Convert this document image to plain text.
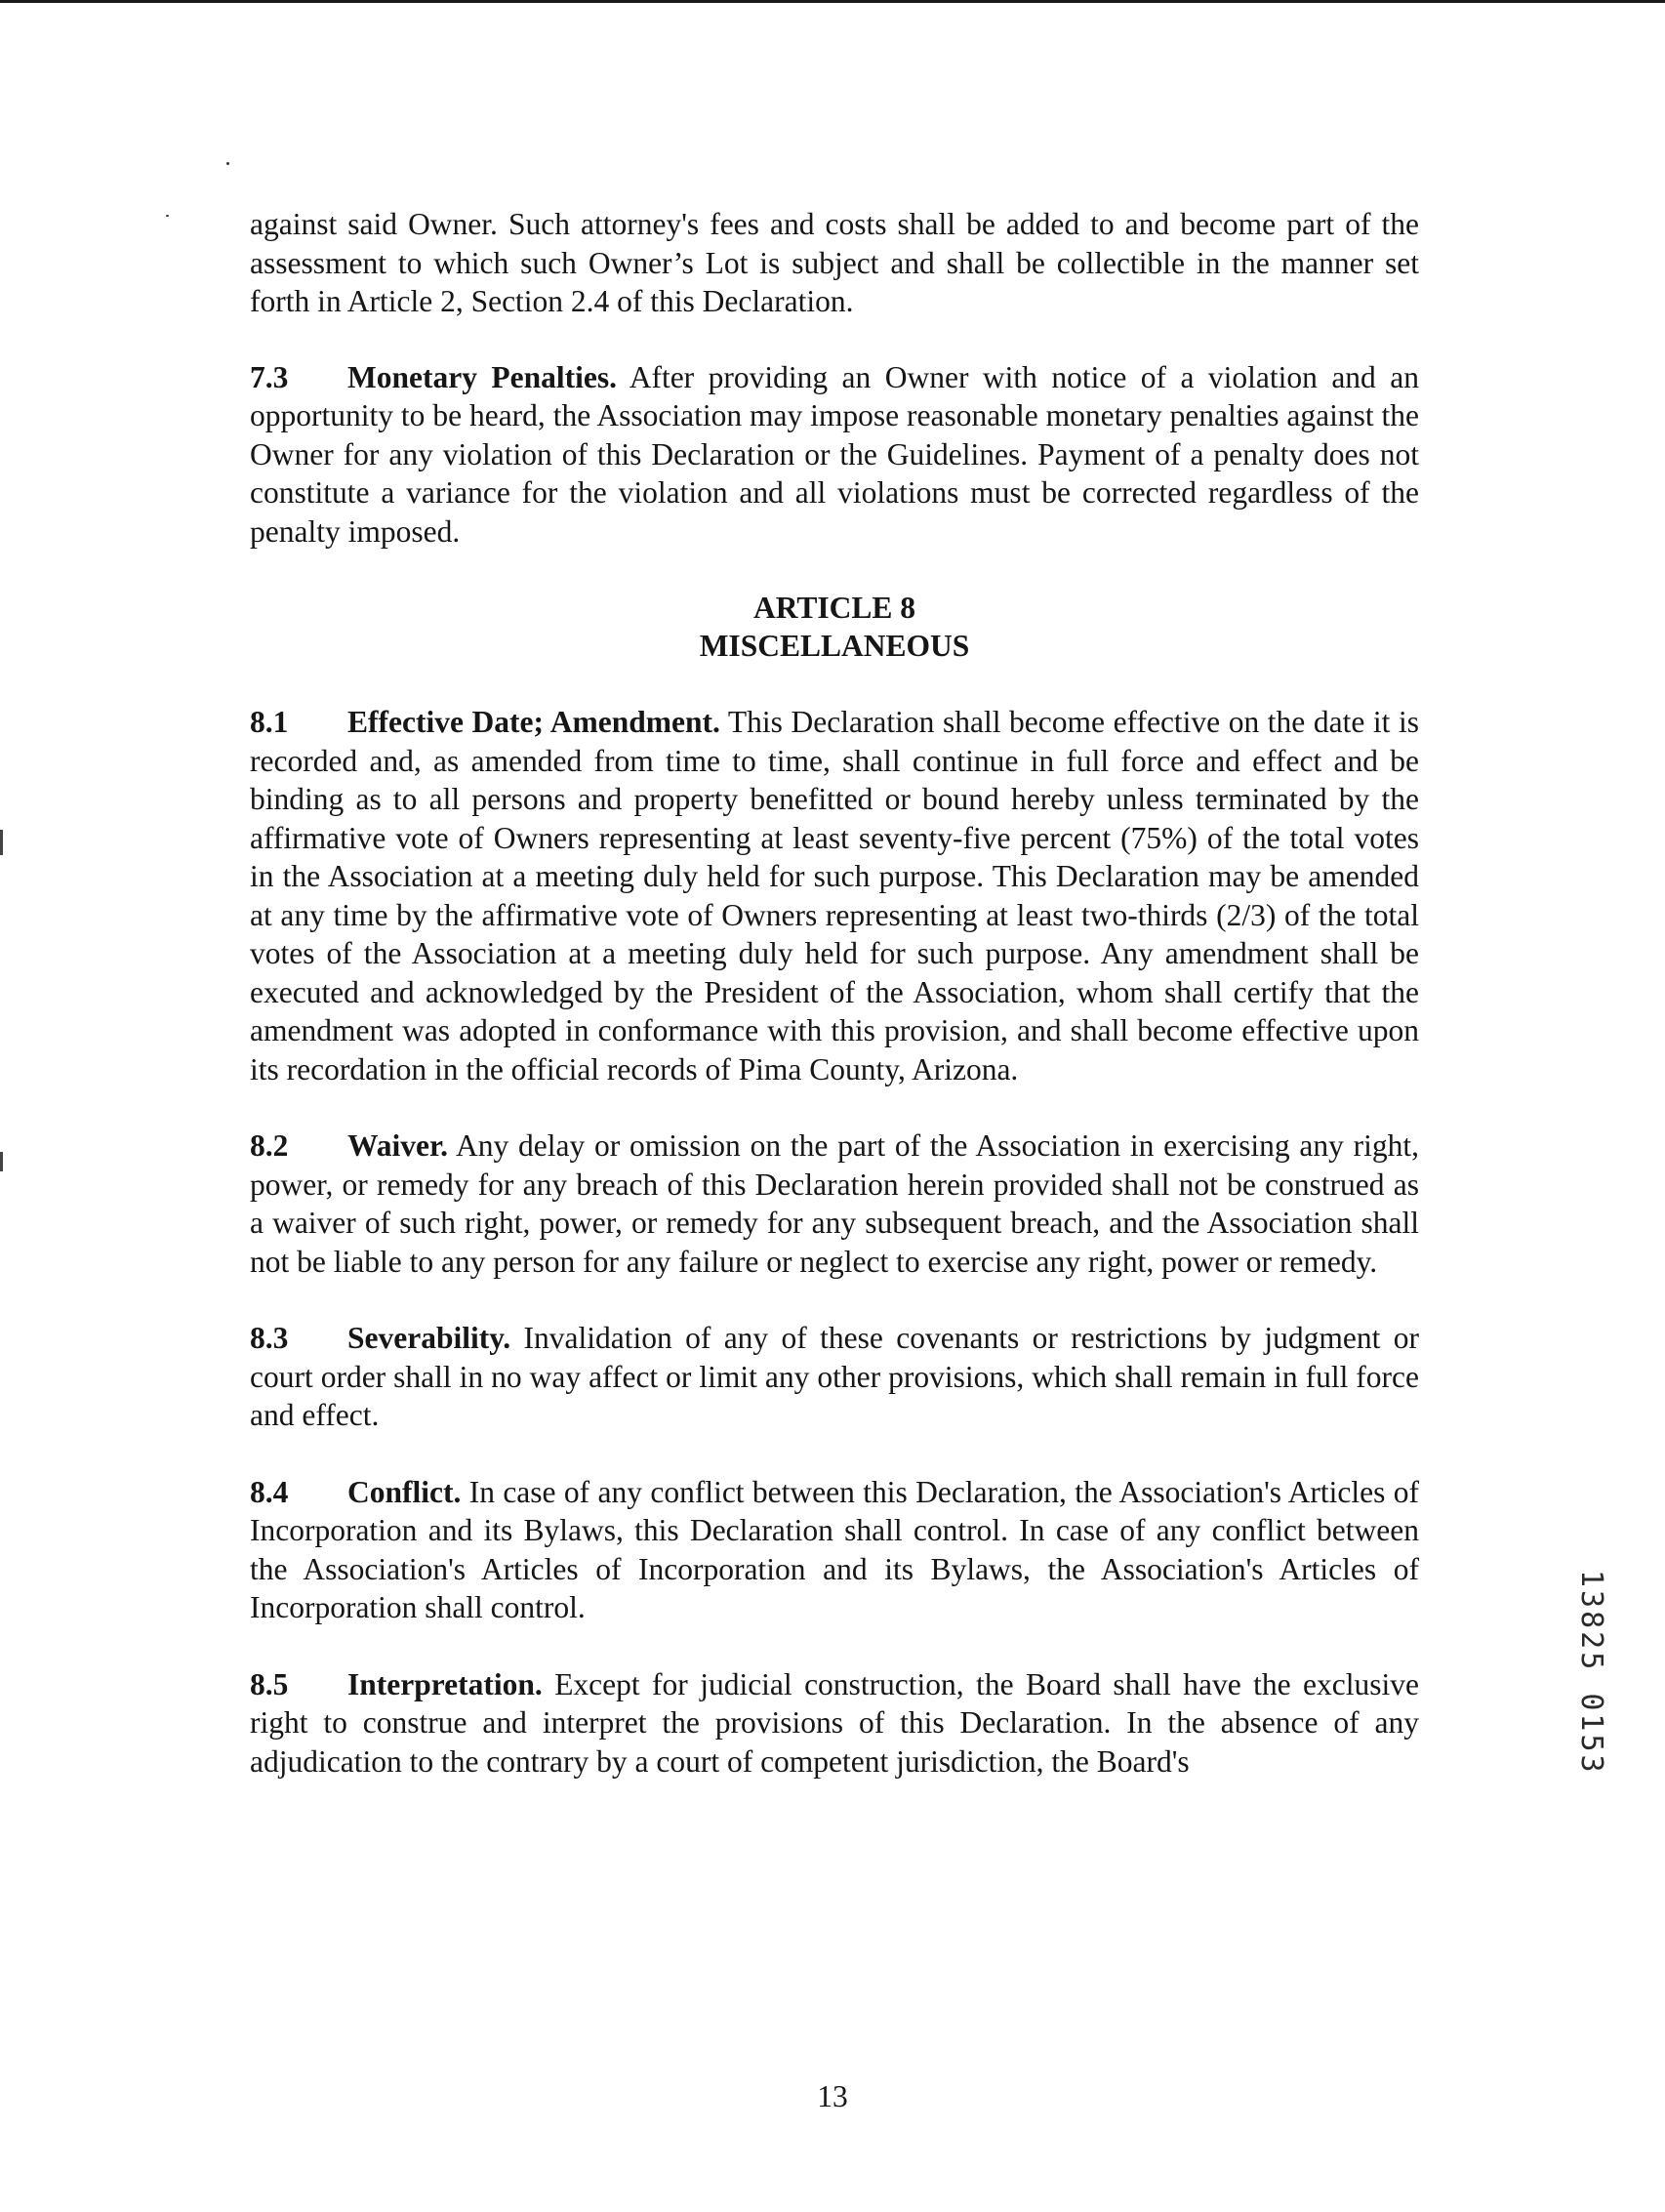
against said Owner. Such attorney's fees and costs shall be added to and become part of the assessment to which such Owner’s Lot is subject and shall be collectible in the manner set forth in Article 2, Section 2.4 of this Declaration.

7.3 Monetary Penalties. After providing an Owner with notice of a violation and an opportunity to be heard, the Association may impose reasonable monetary penalties against the Owner for any violation of this Declaration or the Guidelines. Payment of a penalty does not constitute a variance for the violation and all violations must be corrected regardless of the penalty imposed.

ARTICLE 8
MISCELLANEOUS

8.1 Effective Date; Amendment. This Declaration shall become effective on the date it is recorded and, as amended from time to time, shall continue in full force and effect and be binding as to all persons and property benefitted or bound hereby unless terminated by the affirmative vote of Owners representing at least seventy-five percent (75%) of the total votes in the Association at a meeting duly held for such purpose. This Declaration may be amended at any time by the affirmative vote of Owners representing at least two-thirds (2/3) of the total votes of the Association at a meeting duly held for such purpose. Any amendment shall be executed and acknowledged by the President of the Association, whom shall certify that the amendment was adopted in conformance with this provision, and shall become effective upon its recordation in the official records of Pima County, Arizona.

8.2 Waiver. Any delay or omission on the part of the Association in exercising any right, power, or remedy for any breach of this Declaration herein provided shall not be construed as a waiver of such right, power, or remedy for any subsequent breach, and the Association shall not be liable to any person for any failure or neglect to exercise any right, power or remedy.

8.3 Severability. Invalidation of any of these covenants or restrictions by judgment or court order shall in no way affect or limit any other provisions, which shall remain in full force and effect.

8.4 Conflict. In case of any conflict between this Declaration, the Association's Articles of Incorporation and its Bylaws, this Declaration shall control. In case of any conflict between the Association's Articles of Incorporation and its Bylaws, the Association's Articles of Incorporation shall control.

8.5 Interpretation. Except for judicial construction, the Board shall have the exclusive right to construe and interpret the provisions of this Declaration. In the absence of any adjudication to the contrary by a court of competent jurisdiction, the Board's	13825 0153
13
